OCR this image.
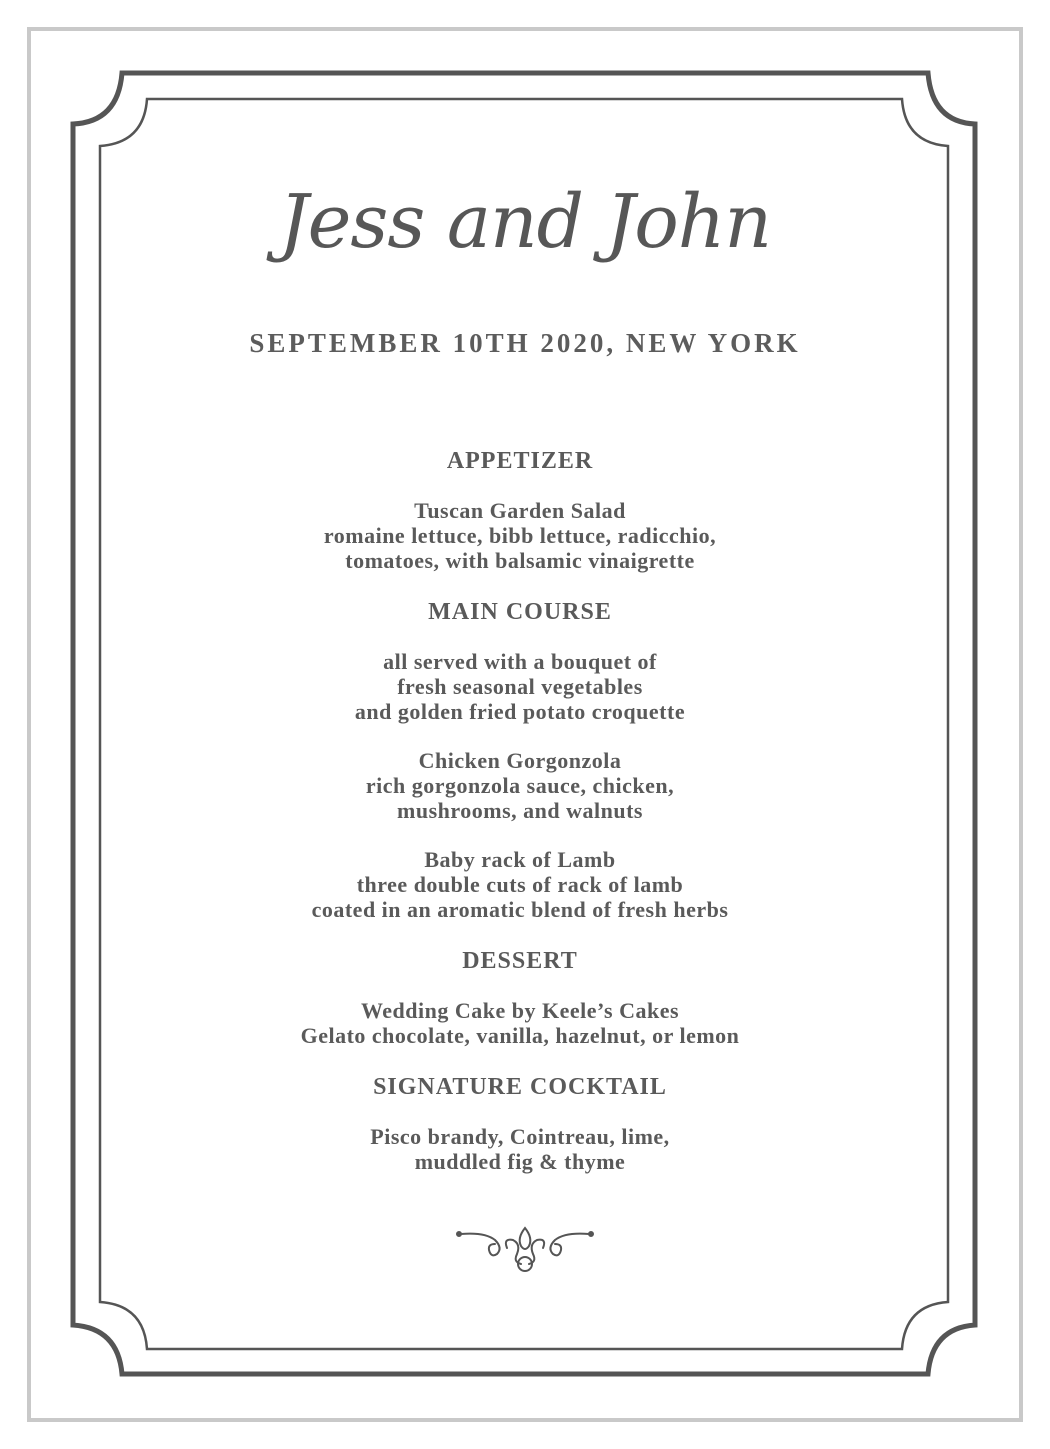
Jess and John
SEPTEMBER 10TH 2020, NEW YORK
APPETIZER
Tuscan Garden Salad
romaine lettuce, bibb lettuce, radicchio,
tomatoes, with balsamic vinaigrette
MAIN COURSE
all served with a bouquet of
fresh seasonal vegetables
and golden fried potato croquette
Chicken Gorgonzola
rich gorgonzola sauce, chicken,
mushrooms, and walnuts
Baby rack of Lamb
three double cuts of rack of lamb
coated in an aromatic blend of fresh herbs
DESSERT
Wedding Cake by Keele’s Cakes
Gelato chocolate, vanilla, hazelnut, or lemon
SIGNATURE COCKTAIL
Pisco brandy, Cointreau, lime,
muddled fig & thyme
